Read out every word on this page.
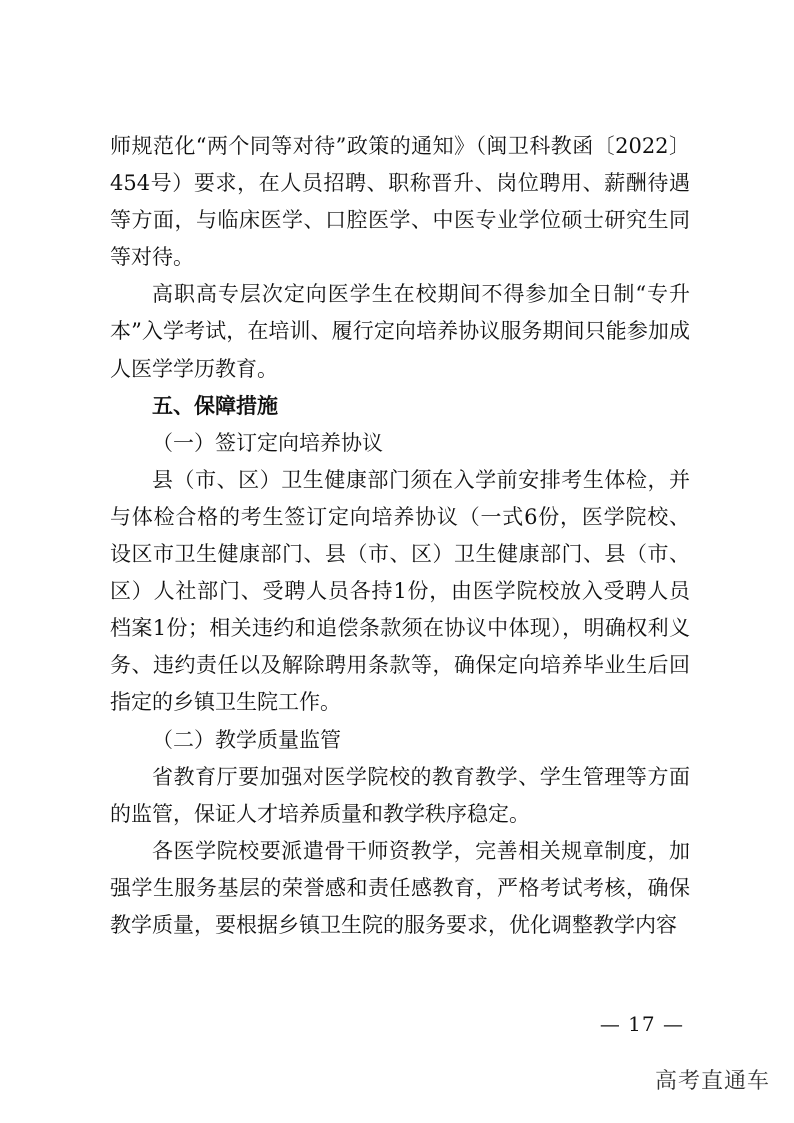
师规范化“两个同等对待”政策的通知》（闽卫科教函〔2022〕454号）要求，在人员招聘、职称晋升、岗位聘用、薪酬待遇等方面，与临床医学、口腔医学、中医专业学位硕士研究生同等对待。

高职高专层次定向医学生在校期间不得参加全日制“专升本”入学考试，在培训、履行定向培养协议服务期间只能参加成人医学学历教育。

五、保障措施

（一）签订定向培养协议

县（市、区）卫生健康部门须在入学前安排考生体检，并与体检合格的考生签订定向培养协议（一式6份，医学院校、设区市卫生健康部门、县（市、区）卫生健康部门、县（市、区）人社部门、受聘人员各持1份，由医学院校放入受聘人员档案1份；相关违约和追偿条款须在协议中体现），明确权利义务、违约责任以及解除聘用条款等，确保定向培养毕业生后回指定的乡镇卫生院工作。

（二）教学质量监管

省教育厅要加强对医学院校的教育教学、学生管理等方面的监管，保证人才培养质量和教学秩序稳定。

各医学院校要派遣骨干师资教学，完善相关规章制度，加强学生服务基层的荣誉感和责任感教育，严格考试考核，确保教学质量，要根据乡镇卫生院的服务要求，优化调整教学内容

— 17 —
高考直通车
